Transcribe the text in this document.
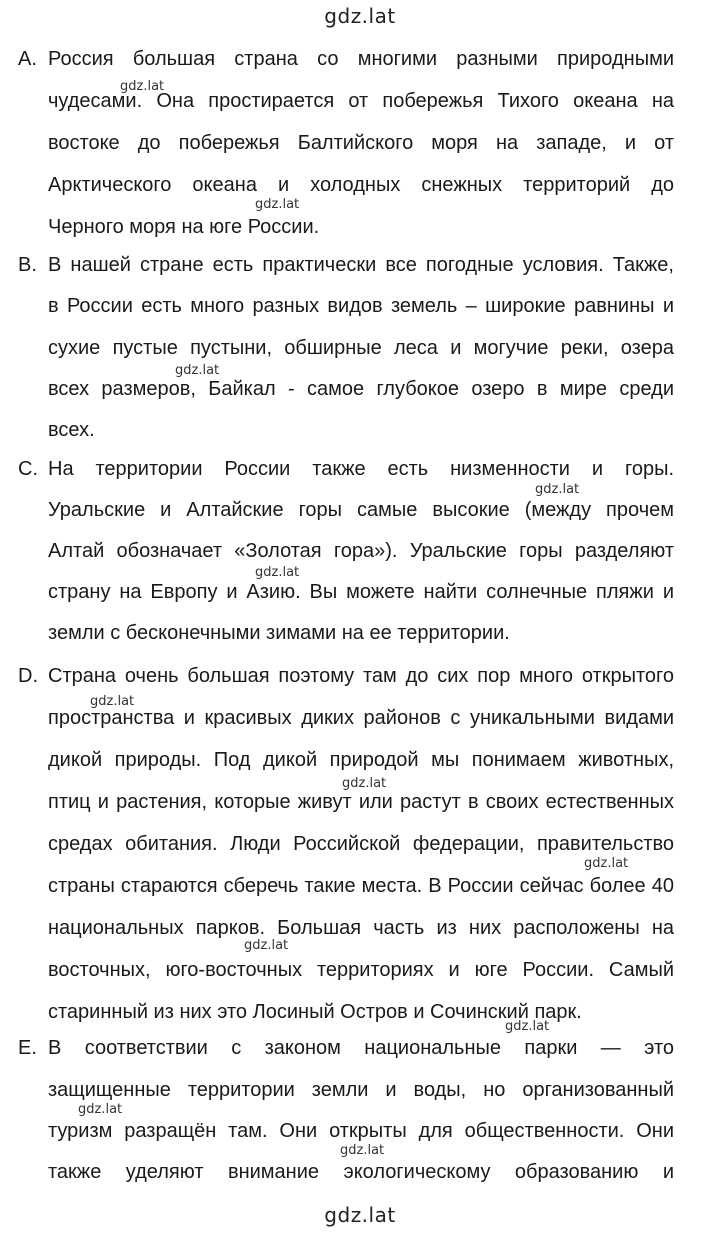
gdz.lat
A. Россия большая страна со многими разными природными
чудесами. Она простирается от побережья Тихого океана на
востоке до побережья Балтийского моря на западе, и от
Арктического океана и холодных снежных территорий до
Черного моря на юге России.
B. В нашей стране есть практически все погодные условия. Также,
в России есть много разных видов земель – широкие равнины и
сухие пустые пустыни, обширные леса и могучие реки, озера
всех размеров, Байкал - самое глубокое озеро в мире среди
всех.
C. На территории России также есть низменности и горы.
Уральские и Алтайские горы самые высокие (между прочем
Алтай обозначает «Золотая гора»). Уральские горы разделяют
страну на Европу и Азию. Вы можете найти солнечные пляжи и
земли с бесконечными зимами на ее территории.
D. Страна очень большая поэтому там до сих пор много открытого
пространства и красивых диких районов с уникальными видами
дикой природы. Под дикой природой мы понимаем животных,
птиц и растения, которые живут или растут в своих естественных
средах обитания. Люди Российской федерации, правительство
страны стараются сберечь такие места. В России сейчас более 40
национальных парков. Большая часть из них расположены на
восточных, юго-восточных территориях и юге России. Самый
старинный из них это Лосиный Остров и Сочинский парк.
E. В соответствии с законом национальные парки — это
защищенные территории земли и воды, но организованный
туризм разращён там. Они открыты для общественности. Они
также уделяют внимание экологическому образованию и
gdz.lat
gdz.lat
gdz.lat
gdz.lat
gdz.lat
gdz.lat
gdz.lat
gdz.lat
gdz.lat
gdz.lat
gdz.lat
gdz.lat
gdz.lat
